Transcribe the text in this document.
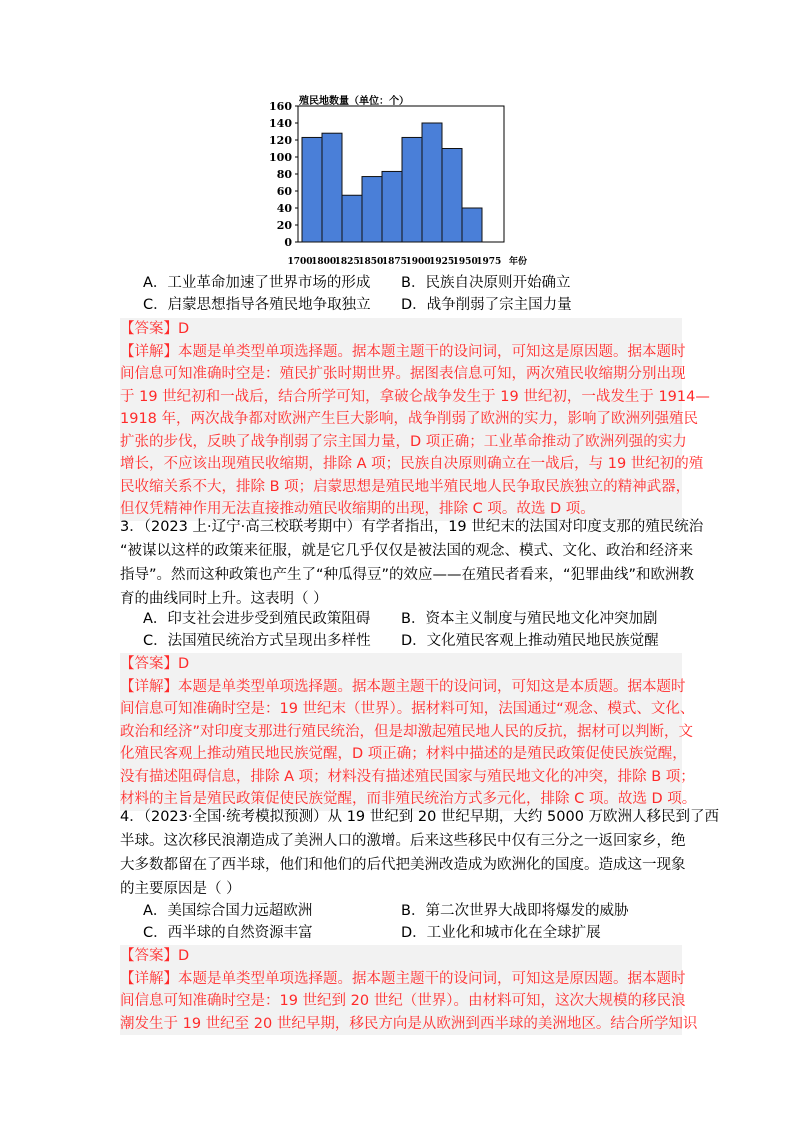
0
20
40
60
80
100
120
140
160
1700
1800
1825
1850
1875
1900
1925
1950
1975 年份
殖民地数量（单位：个）
A．工业革命加速了世界市场的形成 B．民族自决原则开始确立
C．启蒙思想指导各殖民地争取独立 D．战争削弱了宗主国力量

【答案】D

【详解】本题是单类型单项选择题。据本题主题干的设问词，可知这是原因题。据本题时

间信息可知准确时空是：殖民扩张时期世界。据图表信息可知，两次殖民收缩期分别出现

于 19 世纪初和一战后，结合所学可知，拿破仑战争发生于 19 世纪初，一战发生于 1914—

1918 年，两次战争都对欧洲产生巨大影响，战争削弱了欧洲的实力，影响了欧洲列强殖民

扩张的步伐，反映了战争削弱了宗主国力量，D 项正确；工业革命推动了欧洲列强的实力

增长，不应该出现殖民收缩期，排除 A 项；民族自决原则确立在一战后，与 19 世纪初的殖

民收缩关系不大，排除 B 项；启蒙思想是殖民地半殖民地人民争取民族独立的精神武器，

但仅凭精神作用无法直接推动殖民收缩期的出现，排除 C 项。故选 D 项。

3．（2023 上·辽宁·高三校联考期中）有学者指出，19 世纪末的法国对印度支那的殖民统治

“被谋以这样的政策来征服，就是它几乎仅仅是被法国的观念、模式、文化、政治和经济来

指导”。然而这种政策也产生了“种瓜得豆”的效应——在殖民者看来，“犯罪曲线”和欧洲教

育的曲线同时上升。这表明（ ）

A．印支社会进步受到殖民政策阻碍 B．资本主义制度与殖民地文化冲突加剧
C．法国殖民统治方式呈现出多样性 D．文化殖民客观上推动殖民地民族觉醒

【答案】D

【详解】本题是单类型单项选择题。据本题主题干的设问词，可知这是本质题。据本题时

间信息可知准确时空是：19 世纪末（世界）。据材料可知，法国通过“观念、模式、文化、

政治和经济”对印度支那进行殖民统治，但是却激起殖民地人民的反抗，据材可以判断，文

化殖民客观上推动殖民地民族觉醒，D 项正确；材料中描述的是殖民政策促使民族觉醒，

没有描述阻碍信息，排除 A 项；材料没有描述殖民国家与殖民地文化的冲突，排除 B 项；

材料的主旨是殖民政策促使民族觉醒，而非殖民统治方式多元化，排除 C 项。故选 D 项。

4．（2023·全国·统考模拟预测）从 19 世纪到 20 世纪早期，大约 5000 万欧洲人移民到了西

半球。这次移民浪潮造成了美洲人口的激增。后来这些移民中仅有三分之一返回家乡，绝

大多数都留在了西半球，他们和他们的后代把美洲改造成为欧洲化的国度。造成这一现象

的主要原因是（ ）

A．美国综合国力远超欧洲	B．第二次世界大战即将爆发的威胁
C．西半球的自然资源丰富	D．工业化和城市化在全球扩展

【答案】D

【详解】本题是单类型单项选择题。据本题主题干的设问词，可知这是原因题。据本题时

间信息可知准确时空是：19 世纪到 20 世纪（世界）。由材料可知，这次大规模的移民浪

潮发生于 19 世纪至 20 世纪早期，移民方向是从欧洲到西半球的美洲地区。结合所学知识
